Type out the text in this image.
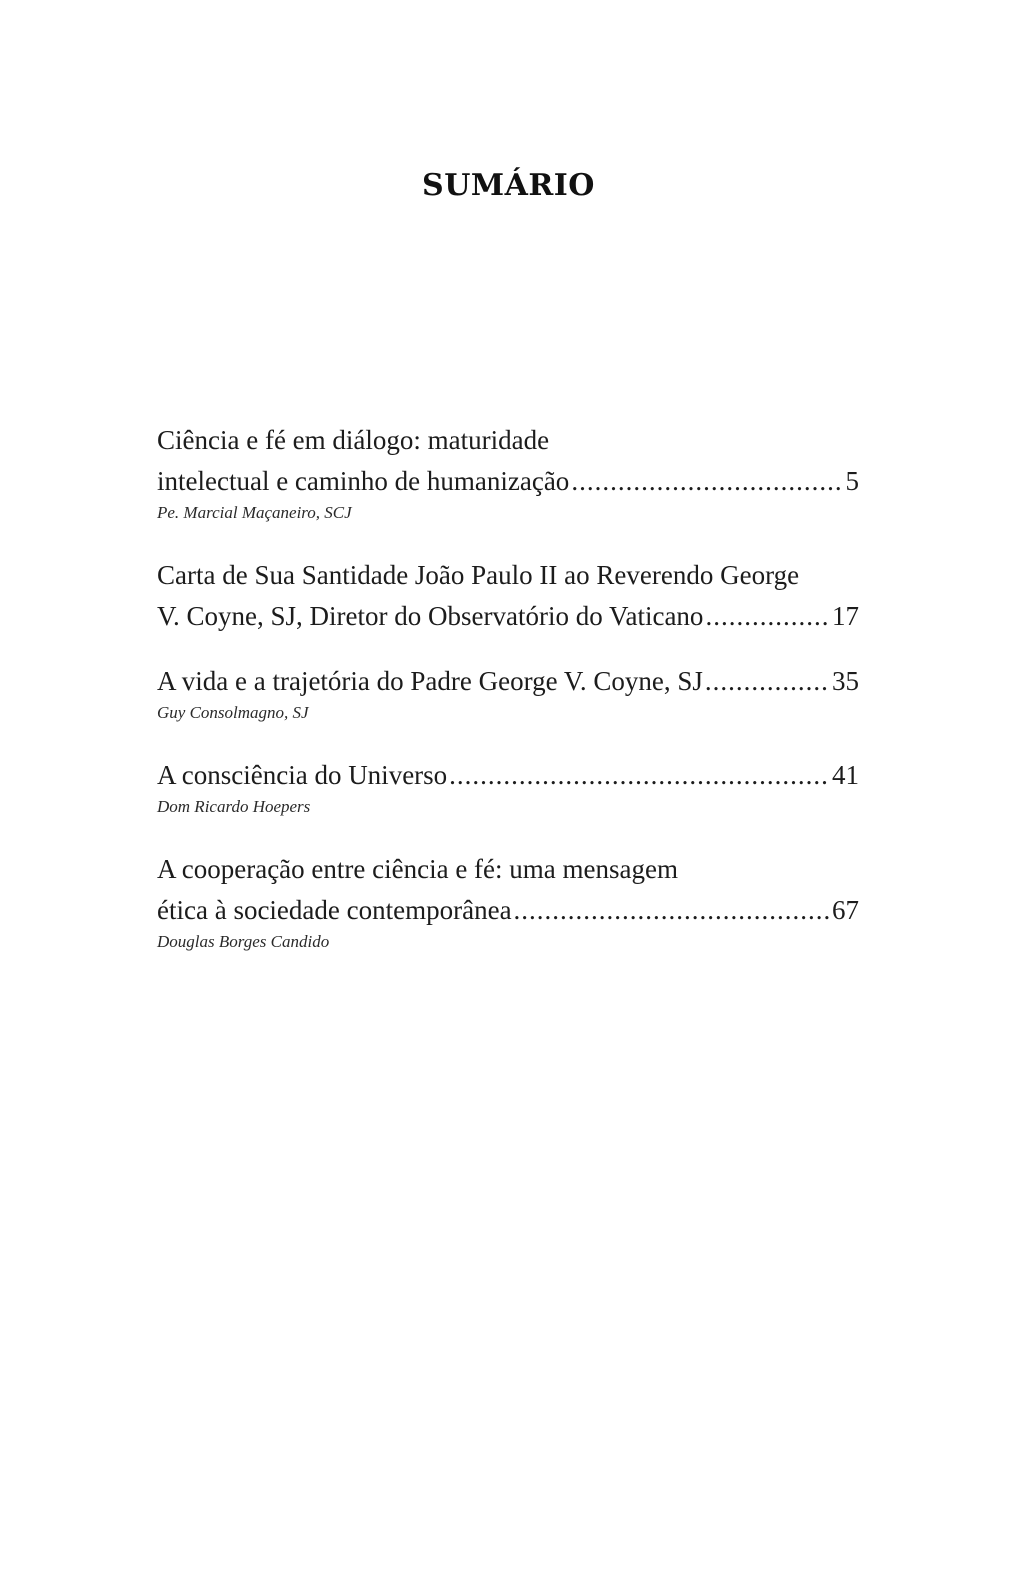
SUMÁRIO
Ciência e fé em diálogo: maturidade
intelectual e caminho de humanização .....	5
Pe. Marcial Maçaneiro, SCJ
Carta de Sua Santidade João Paulo II ao Reverendo George
V. Coyne, SJ, Diretor do Observatório do Vaticano .....	17
A vida e a trajetória do Padre George V. Coyne, SJ .....	35
Guy Consolmagno, SJ
A consciência do Universo .....	41
Dom Ricardo Hoepers
A cooperação entre ciência e fé: uma mensagem
ética à sociedade contemporânea .....	67
Douglas Borges Candido
